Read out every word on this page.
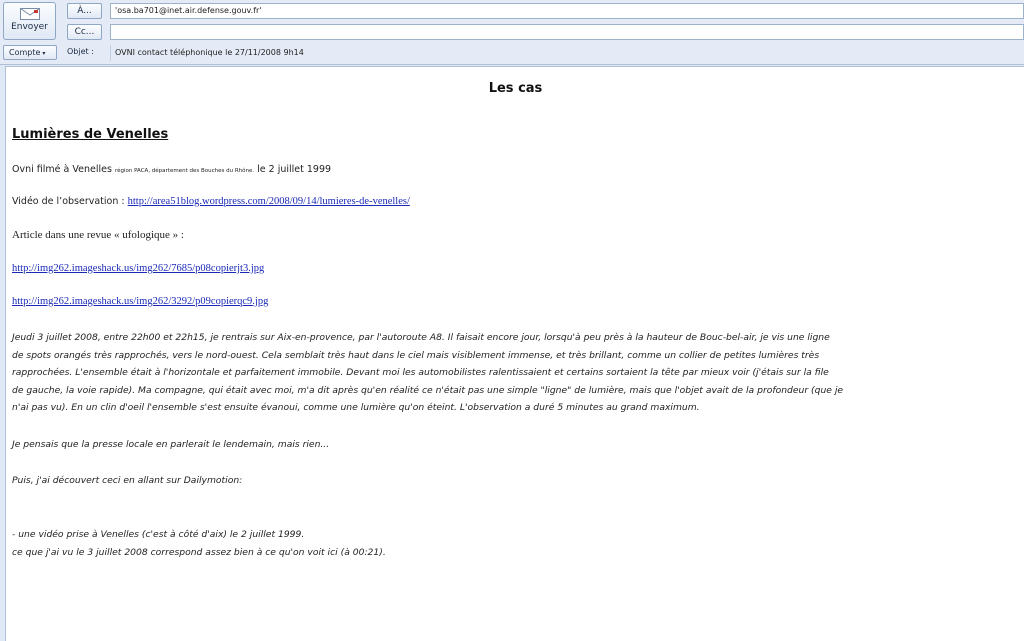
Envoyer
À...	'osa.ba701@inet.air.defense.gouv.fr'
Cc...
Compte ▾	Objet :	OVNI contact téléphonique le 27/11/2008 9h14
Les cas
Lumières de Venelles
Ovni filmé à Venelles région PACA, département des Bouches du Rhône. le 2 juillet 1999
Vidéo de l’observation : http://area51blog.wordpress.com/2008/09/14/lumieres-de-venelles/
Article dans une revue « ufologique » :
http://img262.imageshack.us/img262/7685/p08copierjt3.jpg
http://img262.imageshack.us/img262/3292/p09copierqc9.jpg
Jeudi 3 juillet 2008, entre 22h00 et 22h15, je rentrais sur Aix-en-provence, par l'autoroute A8. Il faisait encore jour, lorsqu'à peu près à la hauteur de Bouc-bel-air, je vis une ligne
de spots orangés très rapprochés, vers le nord-ouest. Cela semblait très haut dans le ciel mais visiblement immense, et très brillant, comme un collier de petites lumières très
rapprochées. L'ensemble était à l'horizontale et parfaitement immobile. Devant moi les automobilistes ralentissaient et certains sortaient la tête par mieux voir (j'étais sur la file
de gauche, la voie rapide). Ma compagne, qui était avec moi, m'a dit après qu'en réalité ce n'était pas une simple "ligne" de lumière, mais que l'objet avait de la profondeur (que je
n'ai pas vu). En un clin d'oeil l'ensemble s'est ensuite évanoui, comme une lumière qu'on éteint. L'observation a duré 5 minutes au grand maximum.
Je pensais que la presse locale en parlerait le lendemain, mais rien...
Puis, j'ai découvert ceci en allant sur Dailymotion:
- une vidéo prise à Venelles (c'est à côté d'aix) le 2 juillet 1999.
ce que j'ai vu le 3 juillet 2008 correspond assez bien à ce qu'on voit ici (à 00:21).
